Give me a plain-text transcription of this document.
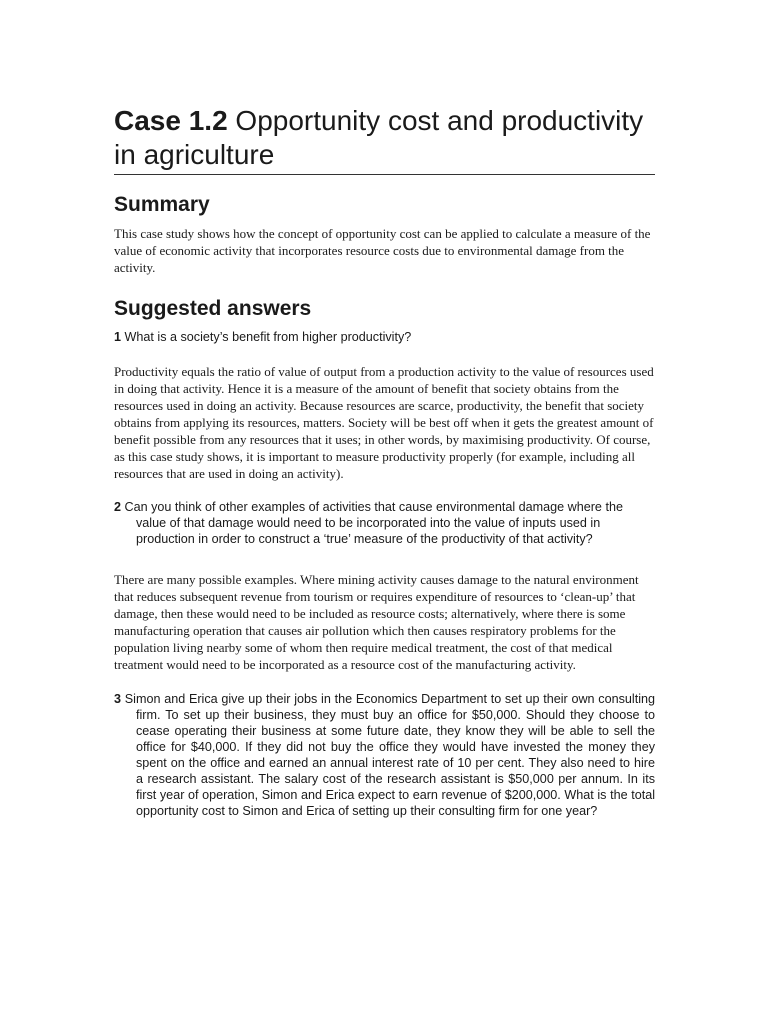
Case 1.2 Opportunity cost and productivity in agriculture
Summary

This case study shows how the concept of opportunity cost can be applied to calculate a measure of the value of economic activity that incorporates resource costs due to environmental damage from the activity.

Suggested answers

1 What is a society’s benefit from higher productivity?

Productivity equals the ratio of value of output from a production activity to the value of resources used in doing that activity. Hence it is a measure of the amount of benefit that society obtains from the resources used in doing an activity. Because resources are scarce, productivity, the benefit that society obtains from applying its resources, matters. Society will be best off when it gets the greatest amount of benefit possible from any resources that it uses; in other words, by maximising productivity. Of course, as this case study shows, it is important to measure productivity properly (for example, including all resources that are used in doing an activity).

2 Can you think of other examples of activities that cause environmental damage where the value of that damage would need to be incorporated into the value of inputs used in production in order to construct a ‘true’ measure of the productivity of that activity?

There are many possible examples. Where mining activity causes damage to the natural environment that reduces subsequent revenue from tourism or requires expenditure of resources to ‘clean-up’ that damage, then these would need to be included as resource costs; alternatively, where there is some manufacturing operation that causes air pollution which then causes respiratory problems for the population living nearby some of whom then require medical treatment, the cost of that medical treatment would need to be incorporated as a resource cost of the manufacturing activity.

3 Simon and Erica give up their jobs in the Economics Department to set up their own consulting firm. To set up their business, they must buy an office for $50,000. Should they choose to cease operating their business at some future date, they know they will be able to sell the office for $40,000. If they did not buy the office they would have invested the money they spent on the office and earned an annual interest rate of 10 per cent. They also need to hire a research assistant. The salary cost of the research assistant is $50,000 per annum. In its first year of operation, Simon and Erica expect to earn revenue of $200,000. What is the total opportunity cost to Simon and Erica of setting up their consulting firm for one year?
